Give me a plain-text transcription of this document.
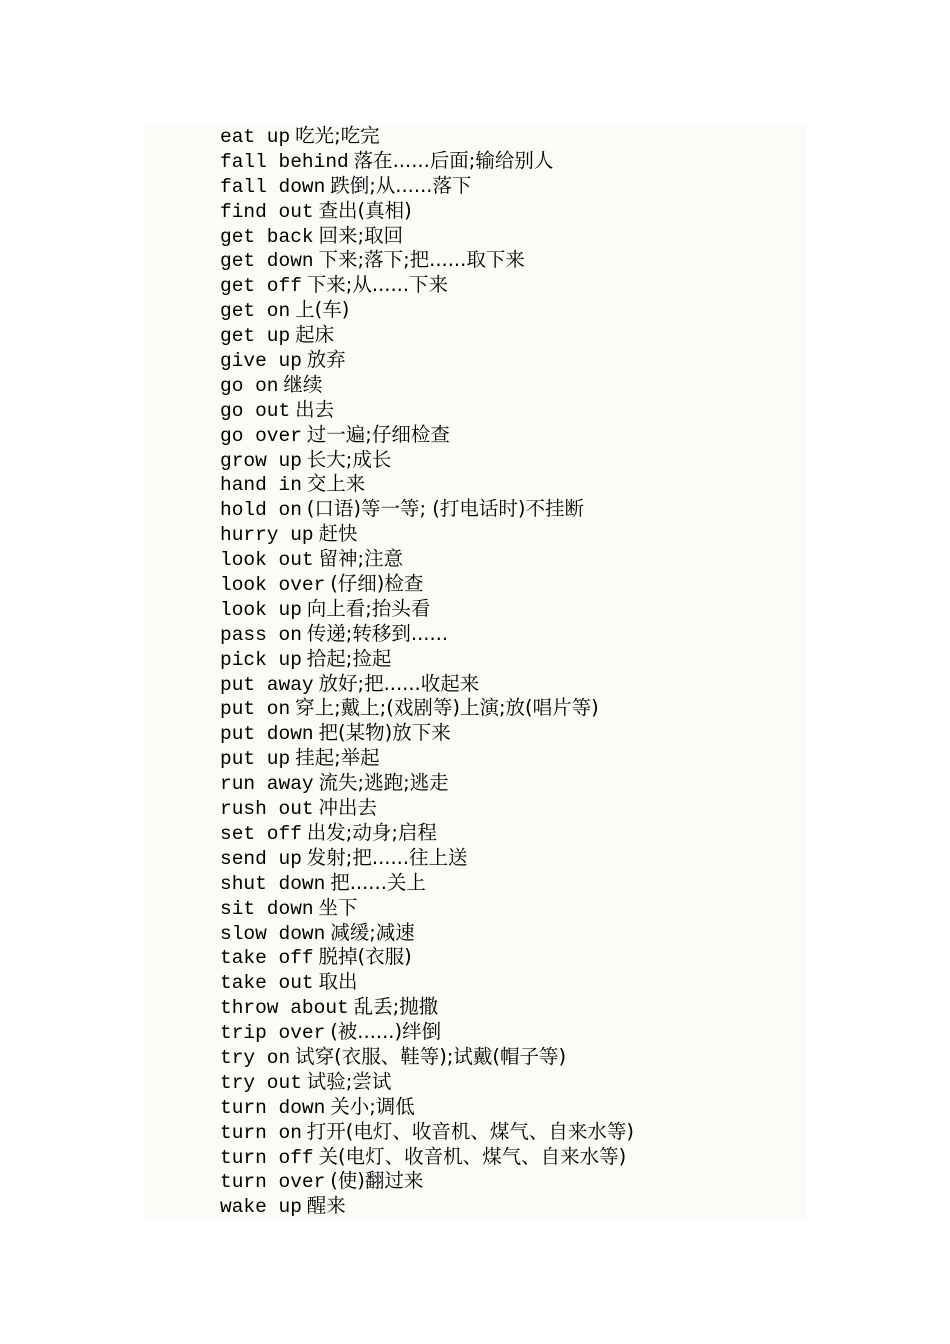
eat up 吃光;吃完
fall behind 落在......后面;输给别人
fall down 跌倒;从......落下
find out 查出(真相)
get back 回来;取回
get down 下来;落下;把......取下来
get off 下来;从......下来
get on 上(车)
get up 起床
give up 放弃
go on 继续
go out 出去
go over 过一遍;仔细检查
grow up 长大;成长
hand in 交上来
hold on (口语)等一等; (打电话时)不挂断
hurry up 赶快
look out 留神;注意
look over (仔细)检查
look up 向上看;抬头看
pass on 传递;转移到......
pick up 拾起;捡起
put away 放好;把......收起来
put on 穿上;戴上;(戏剧等)上演;放(唱片等)
put down 把(某物)放下来
put up 挂起;举起
run away 流失;逃跑;逃走
rush out 冲出去
set off 出发;动身;启程
send up 发射;把......往上送
shut down 把......关上
sit down 坐下
slow down 减缓;减速
take off 脱掉(衣服)
take out 取出
throw about 乱丢;抛撒
trip over (被......)绊倒
try on 试穿(衣服、鞋等);试戴(帽子等)
try out 试验;尝试
turn down 关小;调低
turn on 打开(电灯、收音机、煤气、自来水等)
turn off 关(电灯、收音机、煤气、自来水等)
turn over (使)翻过来
wake up 醒来
